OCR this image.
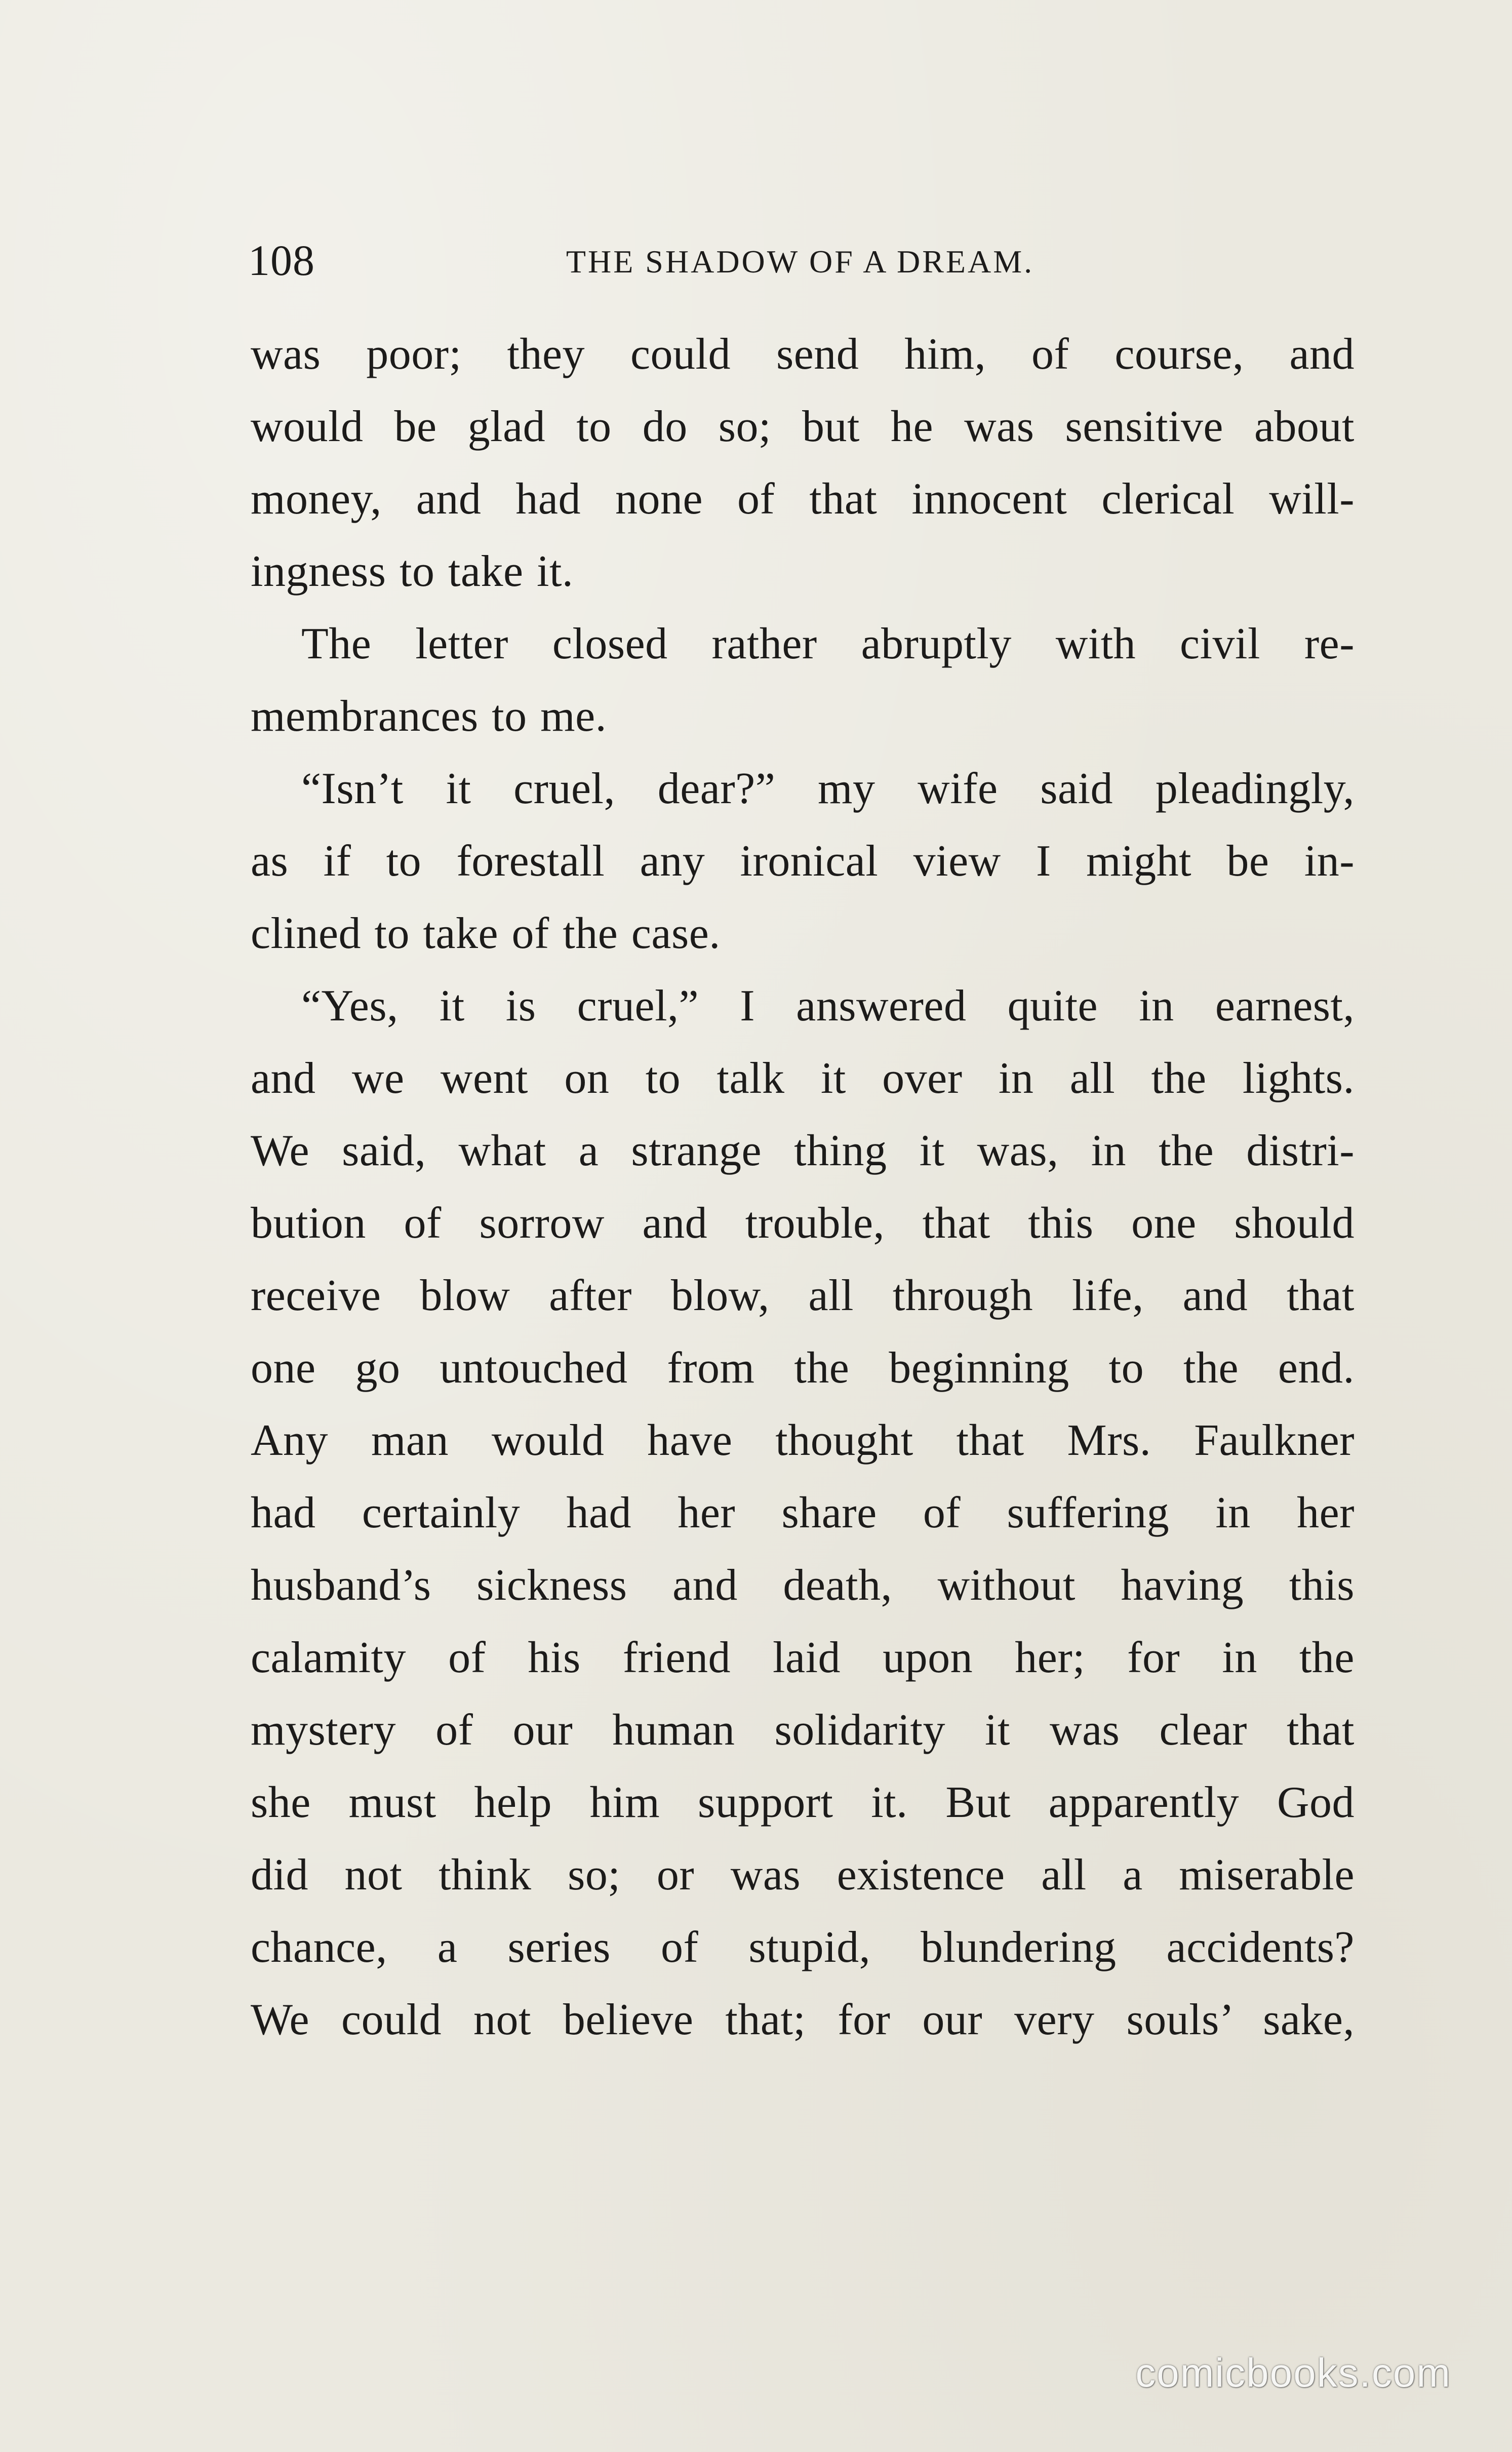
108	THE SHADOW OF A DREAM.
was poor; they could send him, of course, and
would be glad to do so; but he was sensitive about
money, and had none of that innocent clerical will-
ingness to take it.
The letter closed rather abruptly with civil re-
membrances to me.
“Isn’t it cruel, dear?” my wife said pleadingly,
as if to forestall any ironical view I might be in-
clined to take of the case.
“Yes, it is cruel,” I answered quite in earnest,
and we went on to talk it over in all the lights.
We said, what a strange thing it was, in the distri-
bution of sorrow and trouble, that this one should
receive blow after blow, all through life, and that
one go untouched from the beginning to the end.
Any man would have thought that Mrs. Faulkner
had certainly had her share of suffering in her
husband’s sickness and death, without having this
calamity of his friend laid upon her; for in the
mystery of our human solidarity it was clear that
she must help him support it. But apparently God
did not think so; or was existence all a miserable
chance, a series of stupid, blundering accidents?
We could not believe that; for our very souls’ sake,
comicbooks.com
